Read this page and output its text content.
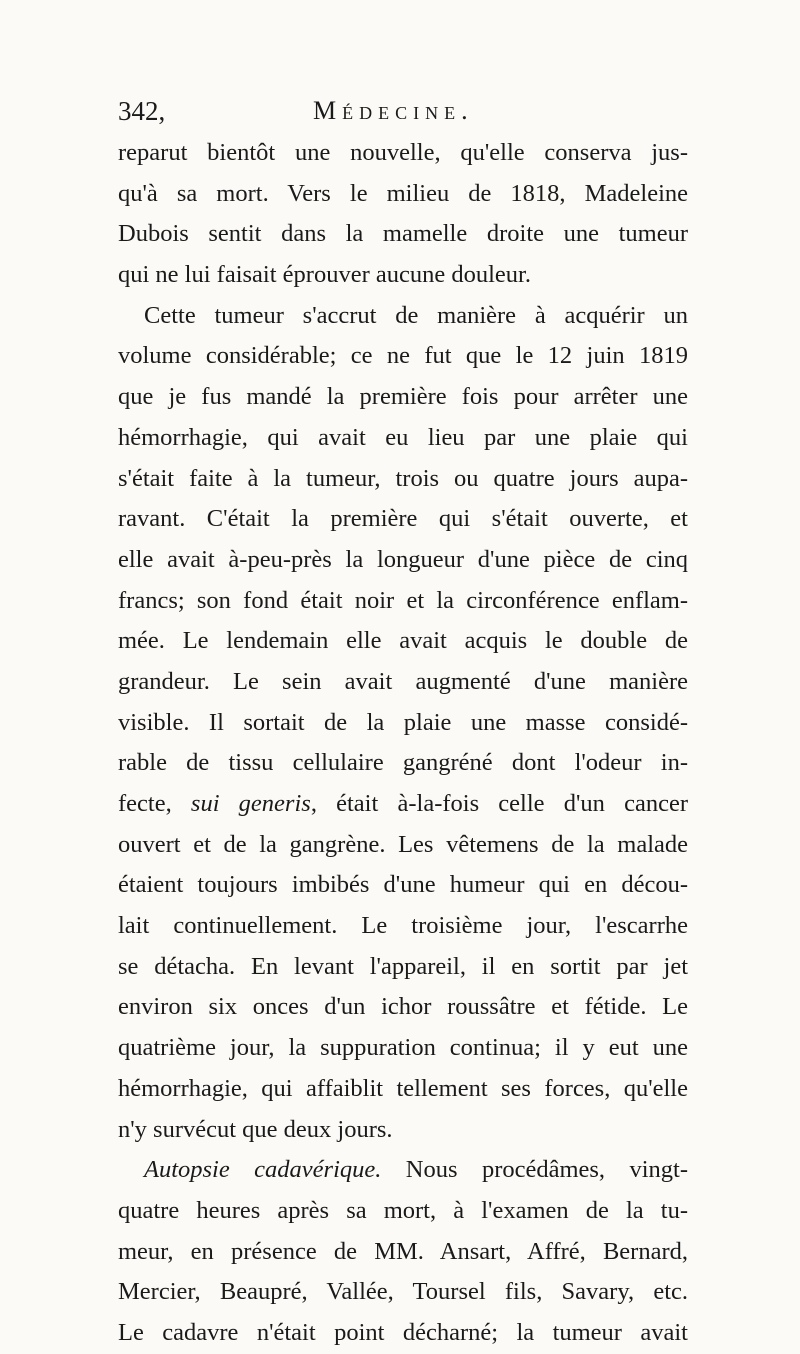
342,	Médecine.
reparut bientôt une nouvelle, qu'elle conserva jus-
qu'à sa mort. Vers le milieu de 1818, Madeleine
Dubois sentit dans la mamelle droite une tumeur
qui ne lui faisait éprouver aucune douleur.
Cette tumeur s'accrut de manière à acquérir un
volume considérable; ce ne fut que le 12 juin 1819
que je fus mandé la première fois pour arrêter une
hémorrhagie, qui avait eu lieu par une plaie qui
s'était faite à la tumeur, trois ou quatre jours aupa-
ravant. C'était la première qui s'était ouverte, et
elle avait à-peu-près la longueur d'une pièce de cinq
francs; son fond était noir et la circonférence enflam-
mée. Le lendemain elle avait acquis le double de
grandeur. Le sein avait augmenté d'une manière
visible. Il sortait de la plaie une masse considé-
rable de tissu cellulaire gangréné dont l'odeur in-
fecte, sui generis, était à-la-fois celle d'un cancer
ouvert et de la gangrène. Les vêtemens de la malade
étaient toujours imbibés d'une humeur qui en décou-
lait continuellement. Le troisième jour, l'escarrhe
se détacha. En levant l'appareil, il en sortit par jet
environ six onces d'un ichor roussâtre et fétide. Le
quatrième jour, la suppuration continua; il y eut une
hémorrhagie, qui affaiblit tellement ses forces, qu'elle
n'y survécut que deux jours.
Autopsie cadavérique. Nous procédâmes, vingt-
quatre heures après sa mort, à l'examen de la tu-
meur, en présence de MM. Ansart, Affré, Bernard,
Mercier, Beaupré, Vallée, Toursel fils, Savary, etc.
Le cadavre n'était point décharné; la tumeur avait
